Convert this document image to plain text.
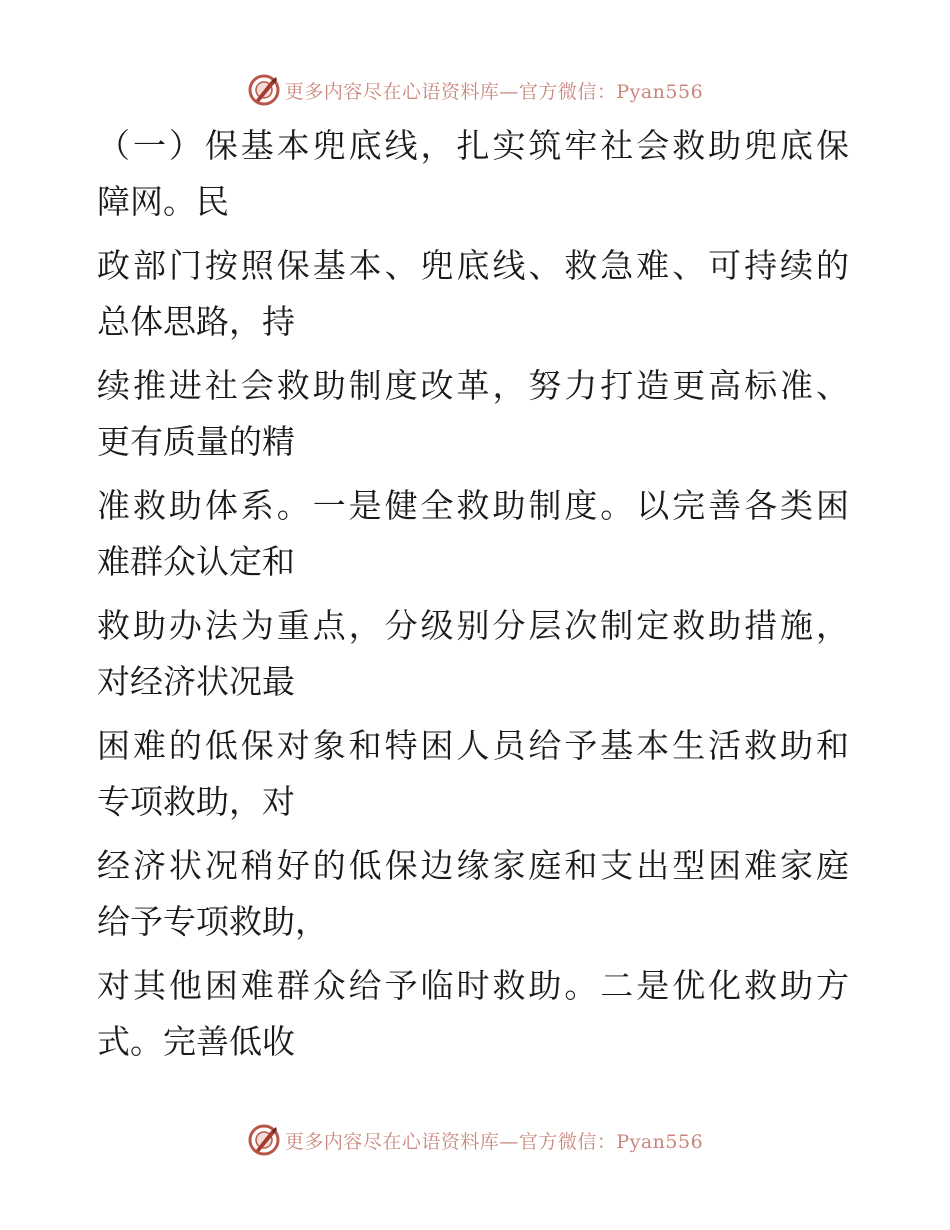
更多内容尽在心语资料库—官方微信：Pyan556
（一）保基本兜底线，扎实筑牢社会救助兜底保
障网。民
政部门按照保基本、兜底线、救急难、可持续的
总体思路，持
续推进社会救助制度改革，努力打造更高标准、
更有质量的精
准救助体系。一是健全救助制度。以完善各类困
难群众认定和
救助办法为重点，分级别分层次制定救助措施，
对经济状况最
困难的低保对象和特困人员给予基本生活救助和
专项救助，对
经济状况稍好的低保边缘家庭和支出型困难家庭
给予专项救助，
对其他困难群众给予临时救助。二是优化救助方
式。完善低收
更多内容尽在心语资料库—官方微信：Pyan556
